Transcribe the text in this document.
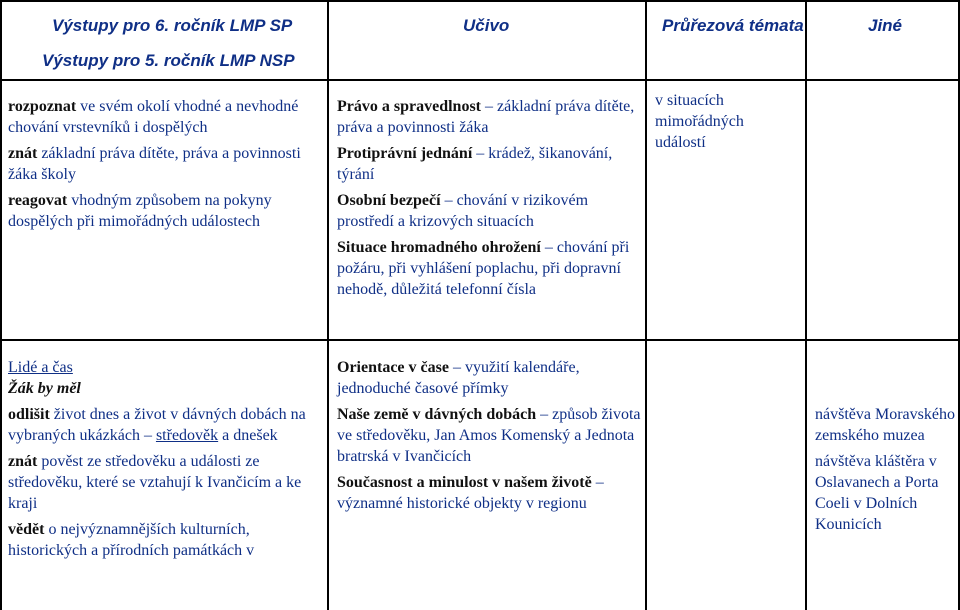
Výstupy pro 6. ročník LMP SP
Výstupy pro 5. ročník LMP NSP
Učivo	Průřezová témata	Jiné

rozpoznat ve svém okolí vhodné a nevhodné chování vrstevníků i dospělých

znát základní práva dítěte, práva a povinnosti žáka školy

reagovat vhodným způsobem na pokyny dospělých při mimořádných událostech

Právo a spravedlnost – základní práva dítěte, práva a povinnosti žáka

Protiprávní jednání – krádež, šikanování, týrání

Osobní bezpečí – chování v rizikovém prostředí a krizových situacích

Situace hromadného ohrožení – chování při požáru, při vyhlášení poplachu, při dopravní nehodě, důležitá telefonní čísla

v situacích mimořádných událostí

Lidé a čas

Žák by měl

odlišit život dnes a život v dávných dobách na vybraných ukázkách – středověk a dnešek

znát pověst ze středověku a události ze středověku, které se vztahují k Ivančicím a ke kraji

vědět o nejvýznamnějších kulturních, historických a přírodních památkách v

Orientace v čase – využití kalendáře, jednoduché časové přímky

Naše země v dávných dobách – způsob života ve středověku, Jan Amos Komenský a Jednota bratrská v Ivančicích

Současnost a minulost v našem životě – významné historické objekty v regionu

návštěva Moravského zemského muzea

návštěva kláštěra v Oslavanech a Porta Coeli v Dolních Kounicích
